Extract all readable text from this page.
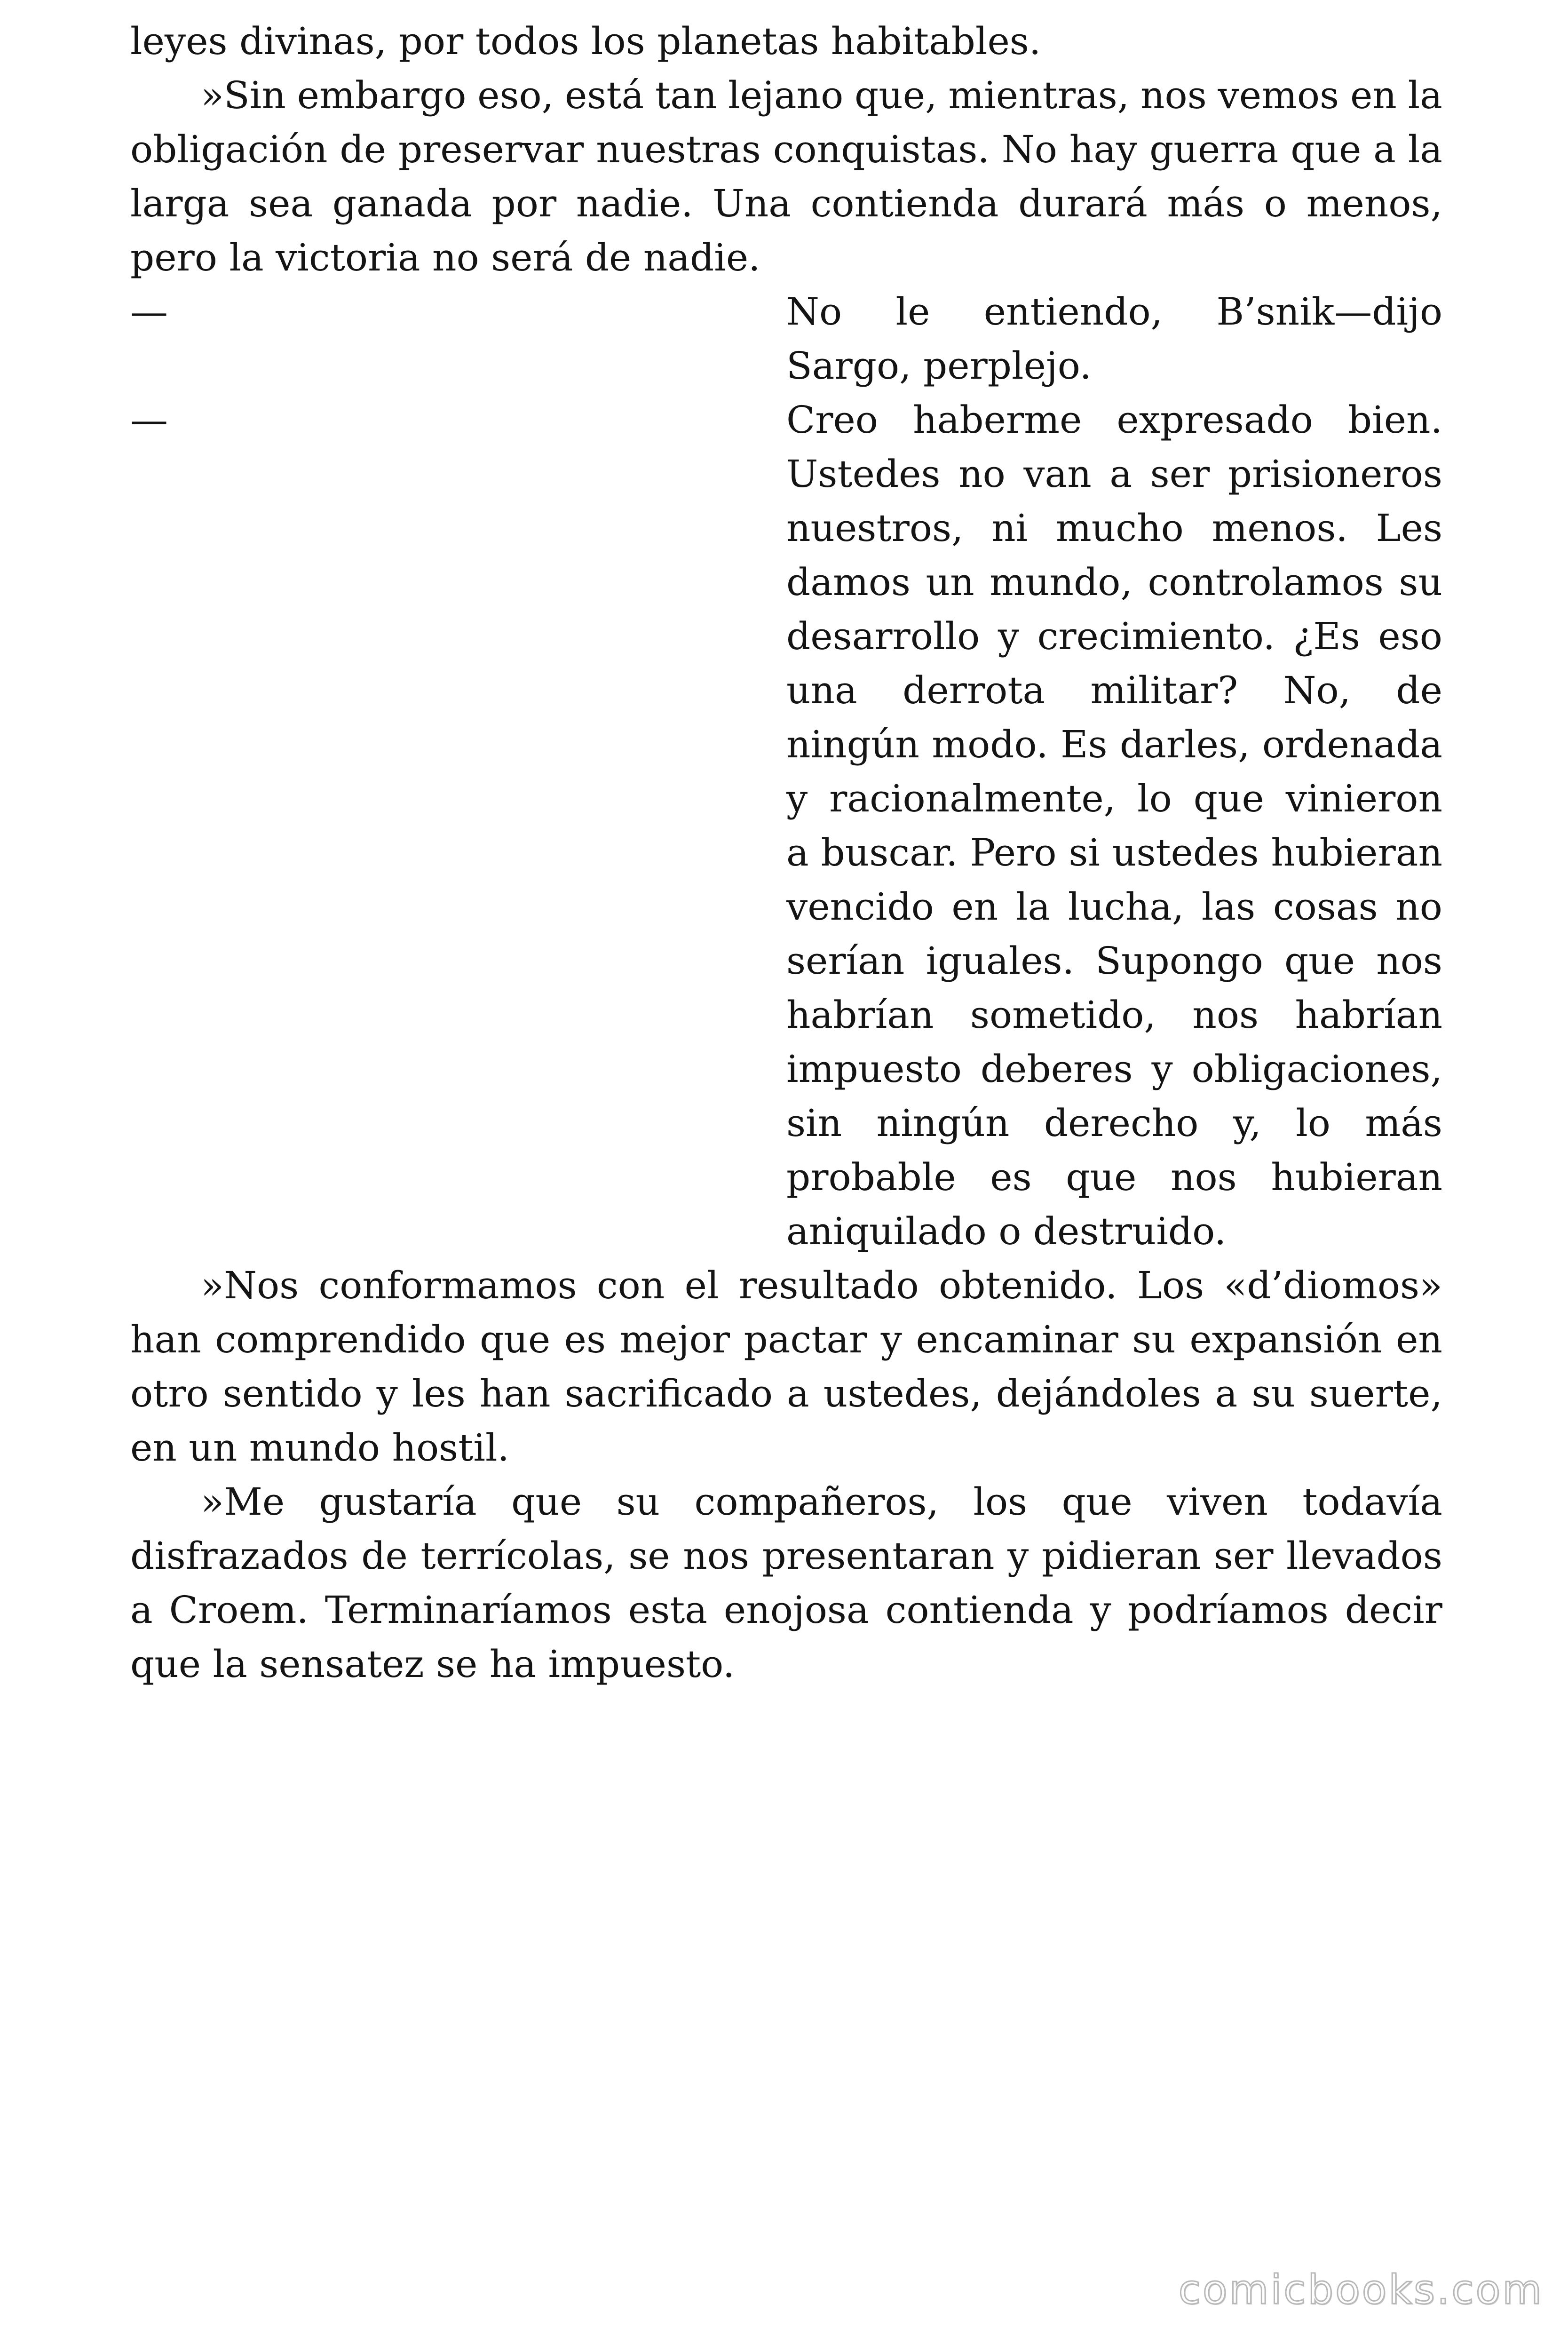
leyes divinas, por todos los planetas habitables.
»Sin embargo eso, está tan lejano que, mientras, nos vemos en la
obligación de preservar nuestras conquistas. No hay guerra que a la
larga sea ganada por nadie. Una contienda durará más o menos,
pero la victoria no será de nadie.
—	No le entiendo, B’snik—dijo
Sargo, perplejo.
—	Creo haberme expresado bien.
Ustedes no van a ser prisioneros
nuestros, ni mucho menos. Les
damos un mundo, controlamos su
desarrollo y crecimiento. ¿Es eso
una derrota militar? No, de
ningún modo. Es darles, ordenada
y racionalmente, lo que vinieron
a buscar. Pero si ustedes hubieran
vencido en la lucha, las cosas no
serían iguales. Supongo que nos
habrían sometido, nos habrían
impuesto deberes y obligaciones,
sin ningún derecho y, lo más
probable es que nos hubieran
aniquilado o destruido.
»Nos conformamos con el resultado obtenido. Los «d’diomos»
han comprendido que es mejor pactar y encaminar su expansión en
otro sentido y les han sacrificado a ustedes, dejándoles a su suerte,
en un mundo hostil.
»Me gustaría que su compañeros, los que viven todavía
disfrazados de terrícolas, se nos presentaran y pidieran ser llevados
a Croem. Terminaríamos esta enojosa contienda y podríamos decir
que la sensatez se ha impuesto.
comicbooks.com
